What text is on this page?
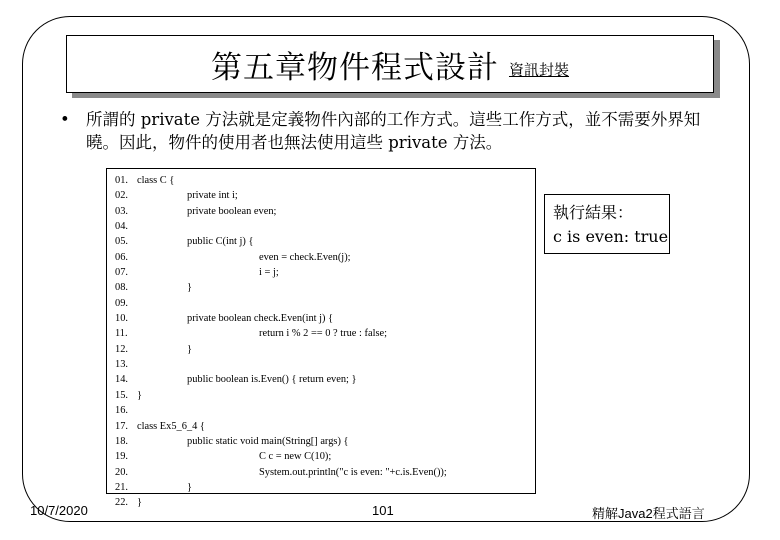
第五章物件程式設計 資訊封裝
• 所謂的 private 方法就是定義物件內部的工作方式。這些工作方式，並不需要外界知曉。因此，物件的使用者也無法使用這些 private 方法。
01. class C {
02.	private int i;
03.	private boolean even;
04.
05.	public C(int j) {
06.	even = check.Even(j);
07.	i = j;
08.	}
09.
10.	private boolean check.Even(int j) {
11.	return i % 2 == 0 ? true : false;
12.	}
13.
14.	public boolean is.Even() { return even; }
15. }
16.
17. class Ex5_6_4 {
18.	public static void main(String[] args) {
19.	C c = new C(10);
20.	System.out.println("c is even: "+c.is.Even());
21.	}
22. }
執行結果：
c is even: true
10/7/2020	101	精解Java2程式語言
